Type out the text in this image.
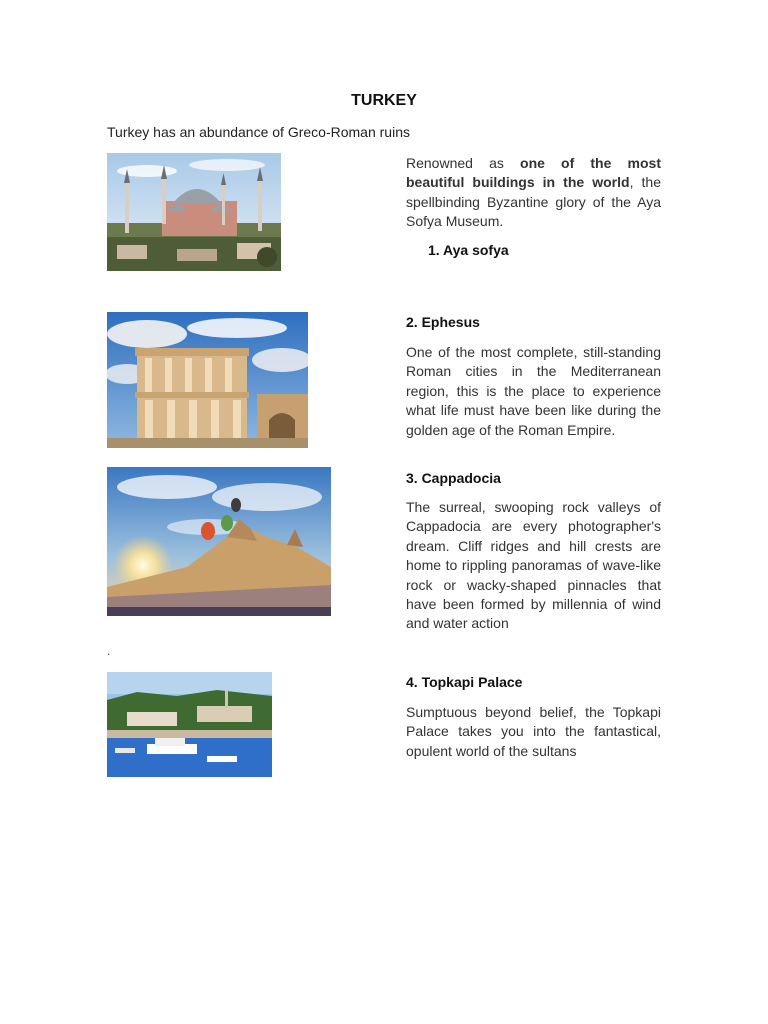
TURKEY
Turkey has an abundance of Greco-Roman ruins
.
Renowned as one of the most beautiful buildings in the world, the spellbinding Byzantine glory of the Aya Sofya Museum.
1. Aya sofya
2. Ephesus
One of the most complete, still-standing Roman cities in the Mediterranean region, this is the place to experience what life must have been like during the golden age of the Roman Empire.
3. Cappadocia
The surreal, swooping rock valleys of Cappadocia are every photographer's dream. Cliff ridges and hill crests are home to rippling panoramas of wave-like rock or wacky-shaped pinnacles that have been formed by millennia of wind and water action
4. Topkapi Palace
Sumptuous beyond belief, the Topkapi Palace takes you into the fantastical, opulent world of the sultans
